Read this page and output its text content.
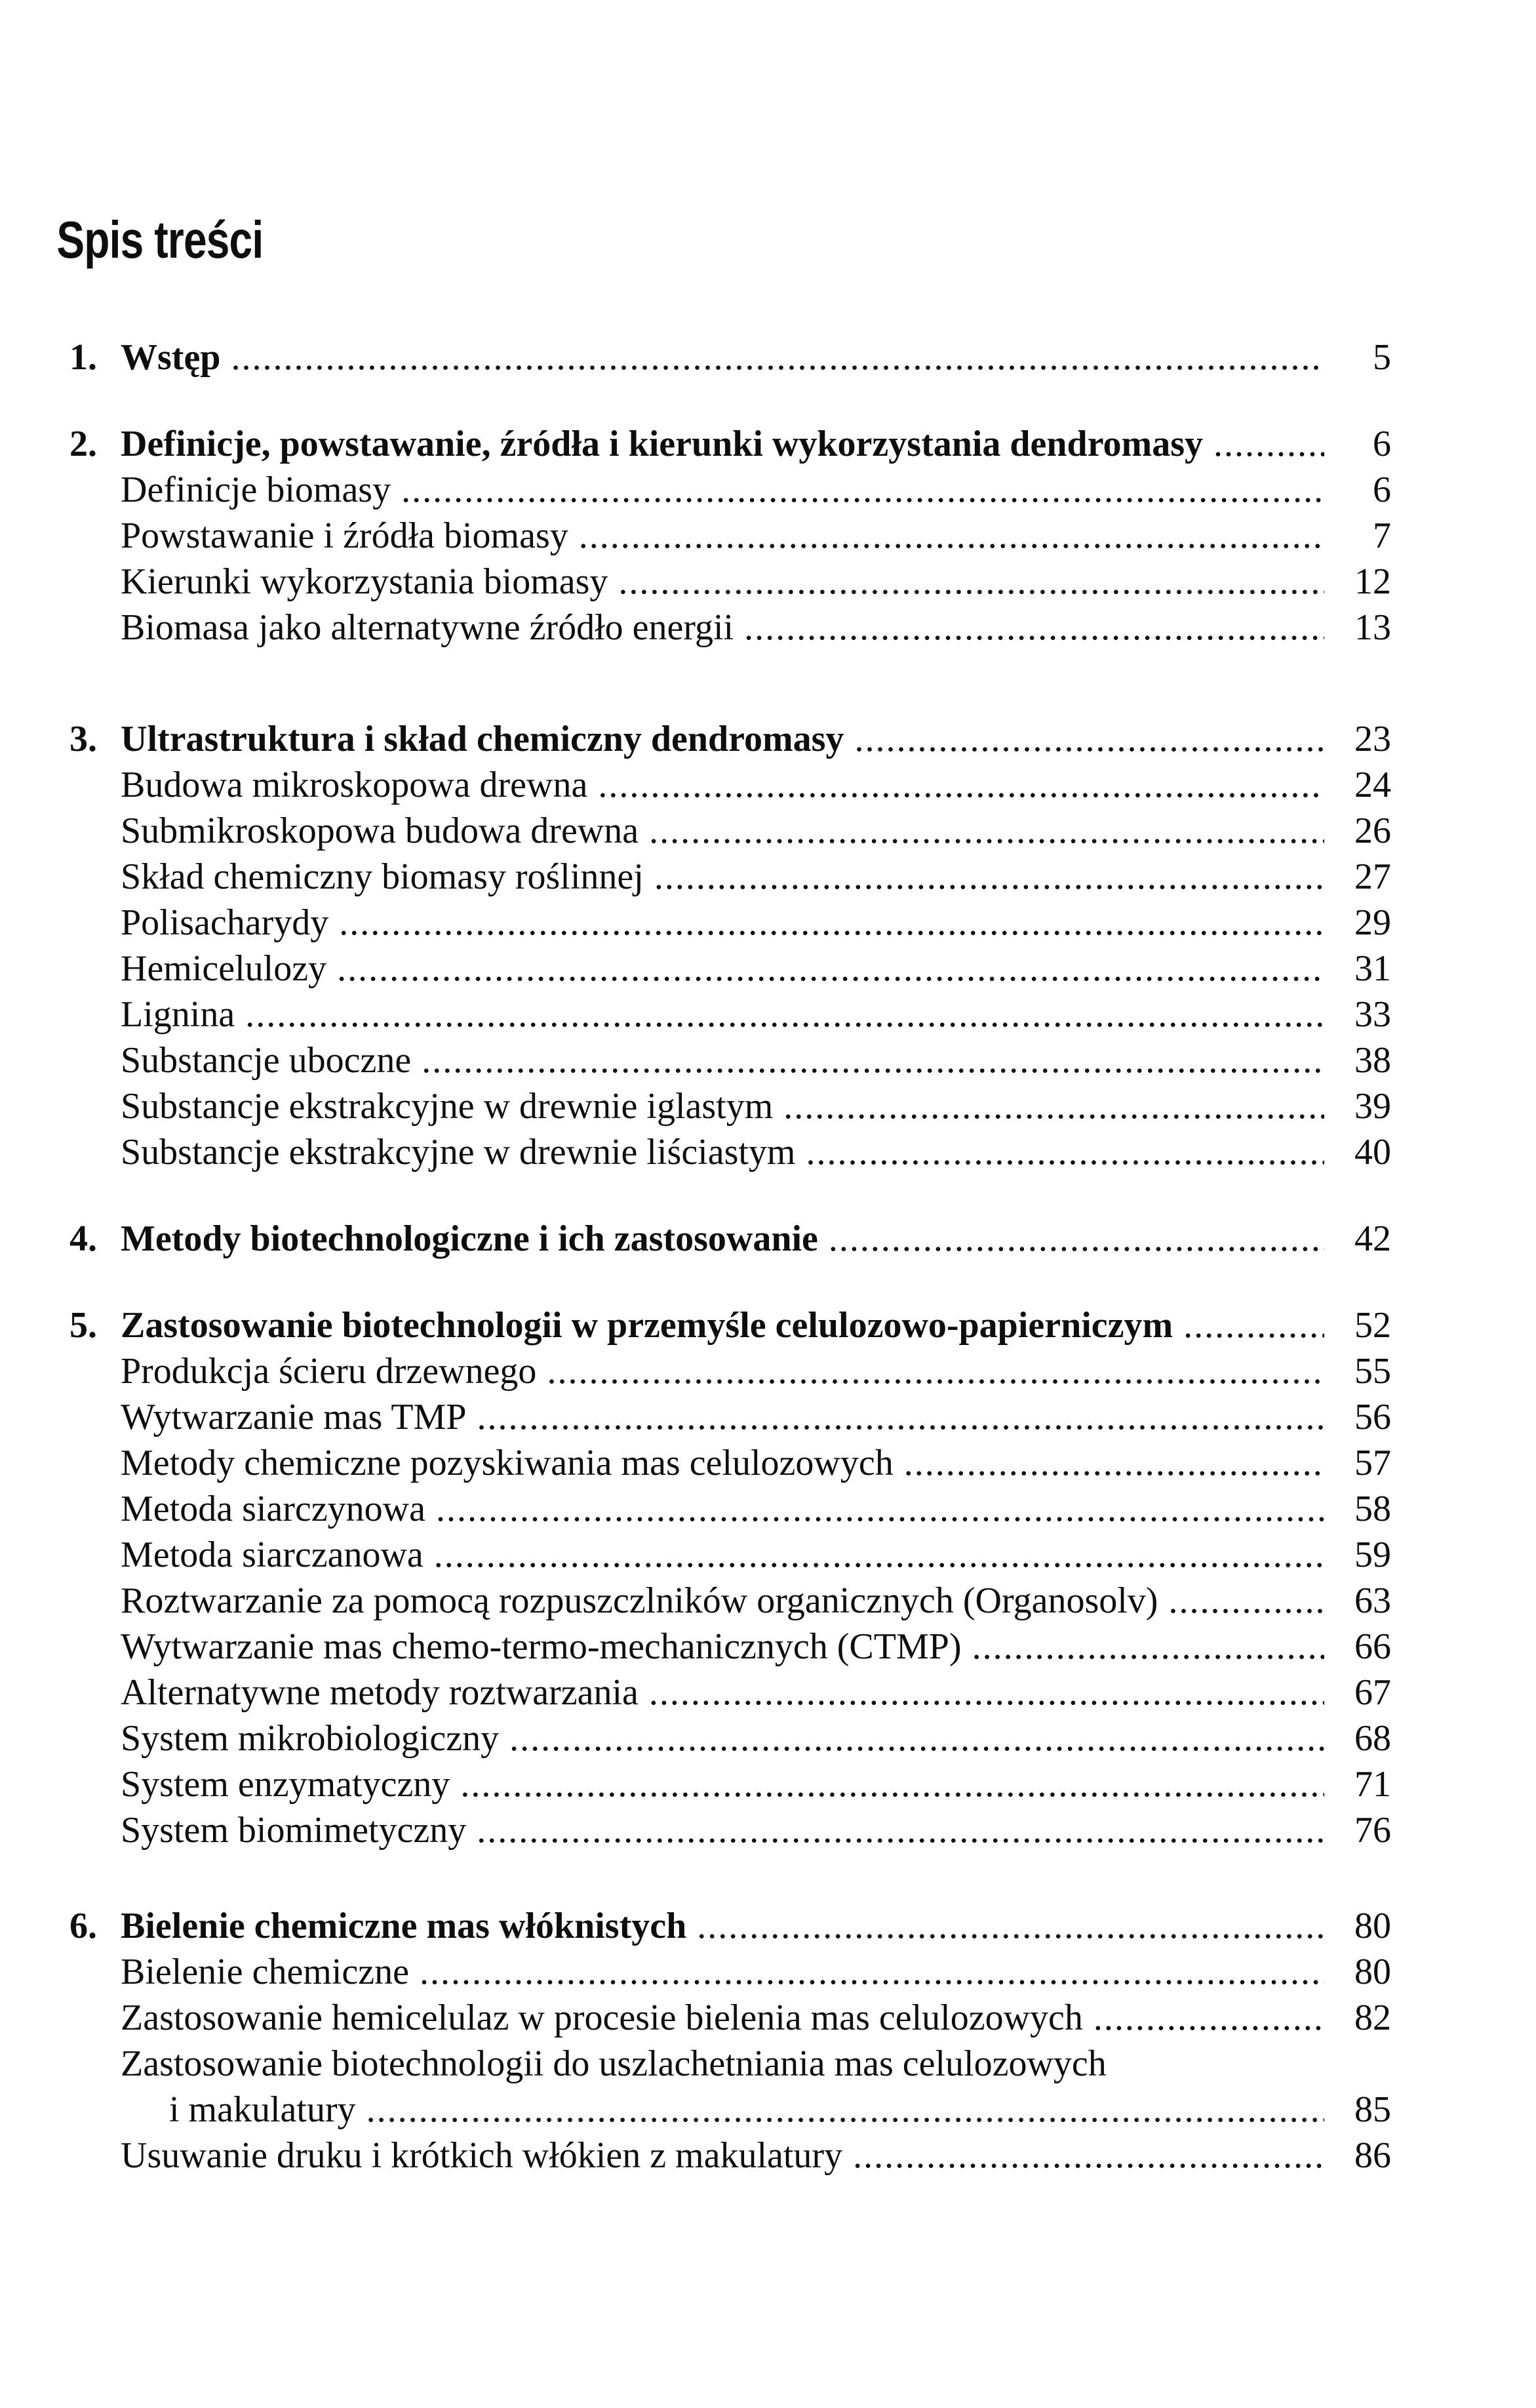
Spis treści
1. Wstęp .....	5
2. Definicje, powstawanie, źródła i kierunki wykorzystania dendromasy .....	6
Definicje biomasy .....	6
Powstawanie i źródła biomasy .....	7
Kierunki wykorzystania biomasy .....	12
Biomasa jako alternatywne źródło energii .....	13
3. Ultrastruktura i skład chemiczny dendromasy .....	23
Budowa mikroskopowa drewna .....	24
Submikroskopowa budowa drewna .....	26
Skład chemiczny biomasy roślinnej .....	27
Polisacharydy .....	29
Hemicelulozy .....	31
Lignina .....	33
Substancje uboczne .....	38
Substancje ekstrakcyjne w drewnie iglastym .....	39
Substancje ekstrakcyjne w drewnie liściastym .....	40
4. Metody biotechnologiczne i ich zastosowanie .....	42
5. Zastosowanie biotechnologii w przemyśle celulozowo-papierniczym .....	52
Produkcja ścieru drzewnego .....	55
Wytwarzanie mas TMP .....	56
Metody chemiczne pozyskiwania mas celulozowych .....	57
Metoda siarczynowa .....	58
Metoda siarczanowa .....	59
Roztwarzanie za pomocą rozpuszczlników organicznych (Organosolv) .....	63
Wytwarzanie mas chemo-termo-mechanicznych (CTMP) .....	66
Alternatywne metody roztwarzania .....	67
System mikrobiologiczny .....	68
System enzymatyczny .....	71
System biomimetyczny .....	76
6. Bielenie chemiczne mas włóknistych .....	80
Bielenie chemiczne .....	80
Zastosowanie hemicelulaz w procesie bielenia mas celulozowych .....	82
Zastosowanie biotechnologii do uszlachetniania mas celulozowych
i makulatury .....	85
Usuwanie druku i krótkich włókien z makulatury .....	86
